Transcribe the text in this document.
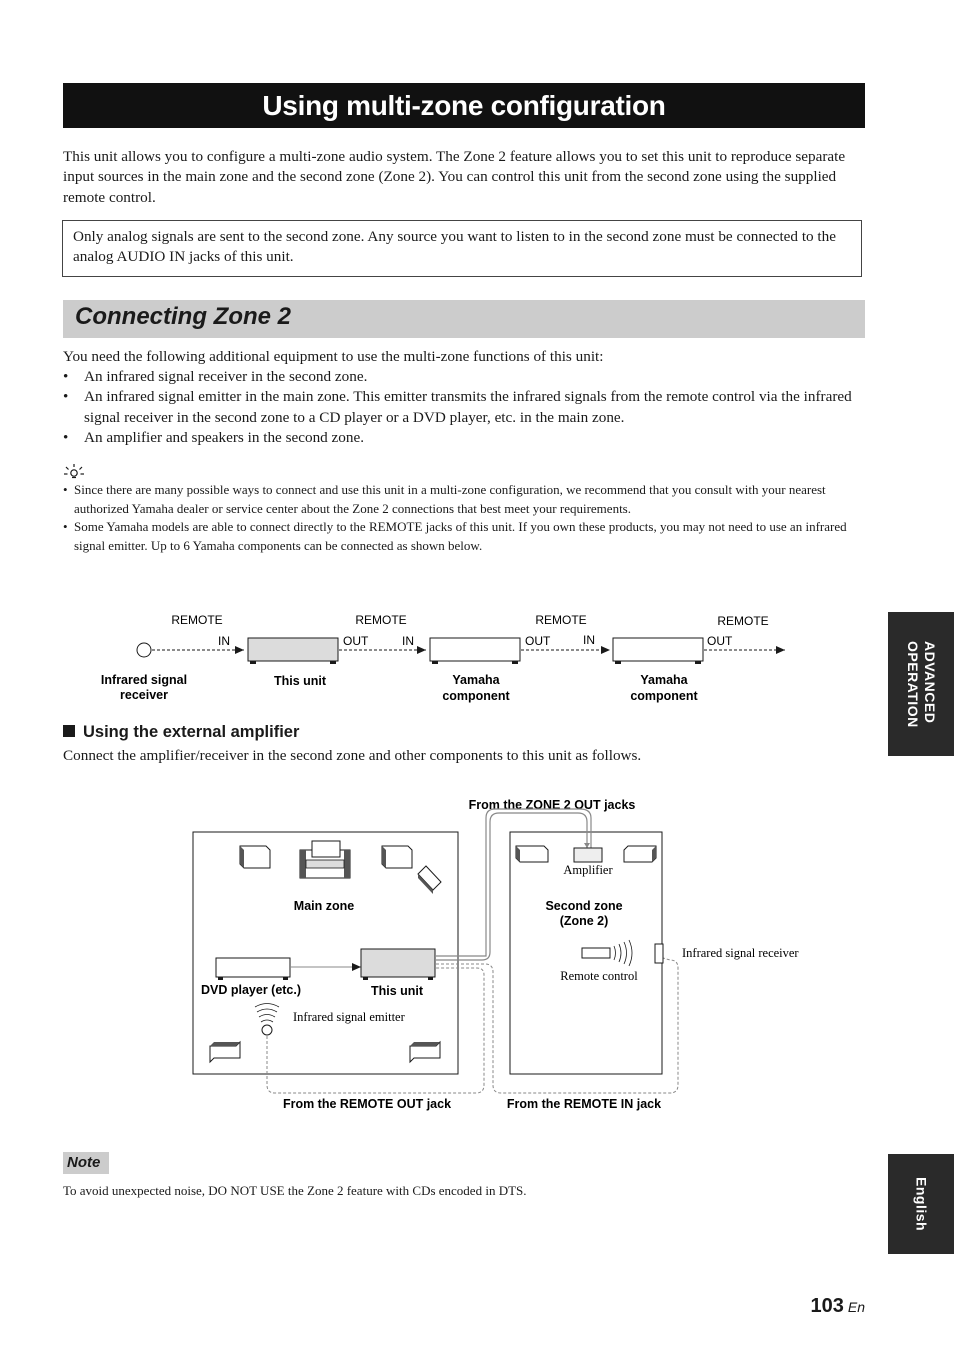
Using multi-zone configuration
This unit allows you to configure a multi-zone audio system. The Zone 2 feature allows you to set this unit to reproduce separate input sources in the main zone and the second zone (Zone 2). You can control this unit from the second zone using the supplied remote control.
Only analog signals are sent to the second zone. Any source you want to listen to in the second zone must be connected to the analog AUDIO IN jacks of this unit.
Connecting Zone 2
You need the following additional equipment to use the multi-zone functions of this unit:
• An infrared signal receiver in the second zone.
• An infrared signal emitter in the main zone. This emitter transmits the infrared signals from the remote control via the infrared signal receiver in the second zone to a CD player or a DVD player, etc. in the main zone.
• An amplifier and speakers in the second zone.
• Since there are many possible ways to connect and use this unit in a multi-zone configuration, we recommend that you consult with your nearest authorized Yamaha dealer or service center about the Zone 2 connections that best meet your requirements.
• Some Yamaha models are able to connect directly to the REMOTE jacks of this unit. If you own these products, you may not need to use an infrared signal emitter. Up to 6 Yamaha components can be connected as shown below.
REMOTE	REMOTE	REMOTE	REMOTE
IN	OUT	IN	OUT	IN	OUT
Infrared signal
receiver
This unit	Yamaha
component
Yamaha
component
Using the external amplifier
Connect the amplifier/receiver in the second zone and other components to this unit as follows.
From the ZONE 2 OUT jacks
Main zone
DVD player (etc.)	This unit
Infrared signal emitter
Amplifier
Second zone
(Zone 2)
Remote control
Infrared signal receiver
From the REMOTE OUT jack	From the REMOTE IN jack
Note
To avoid unexpected noise, DO NOT USE the Zone 2 feature with CDs encoded in DTS.
ADVANCED
OPERATION
English
103 En
